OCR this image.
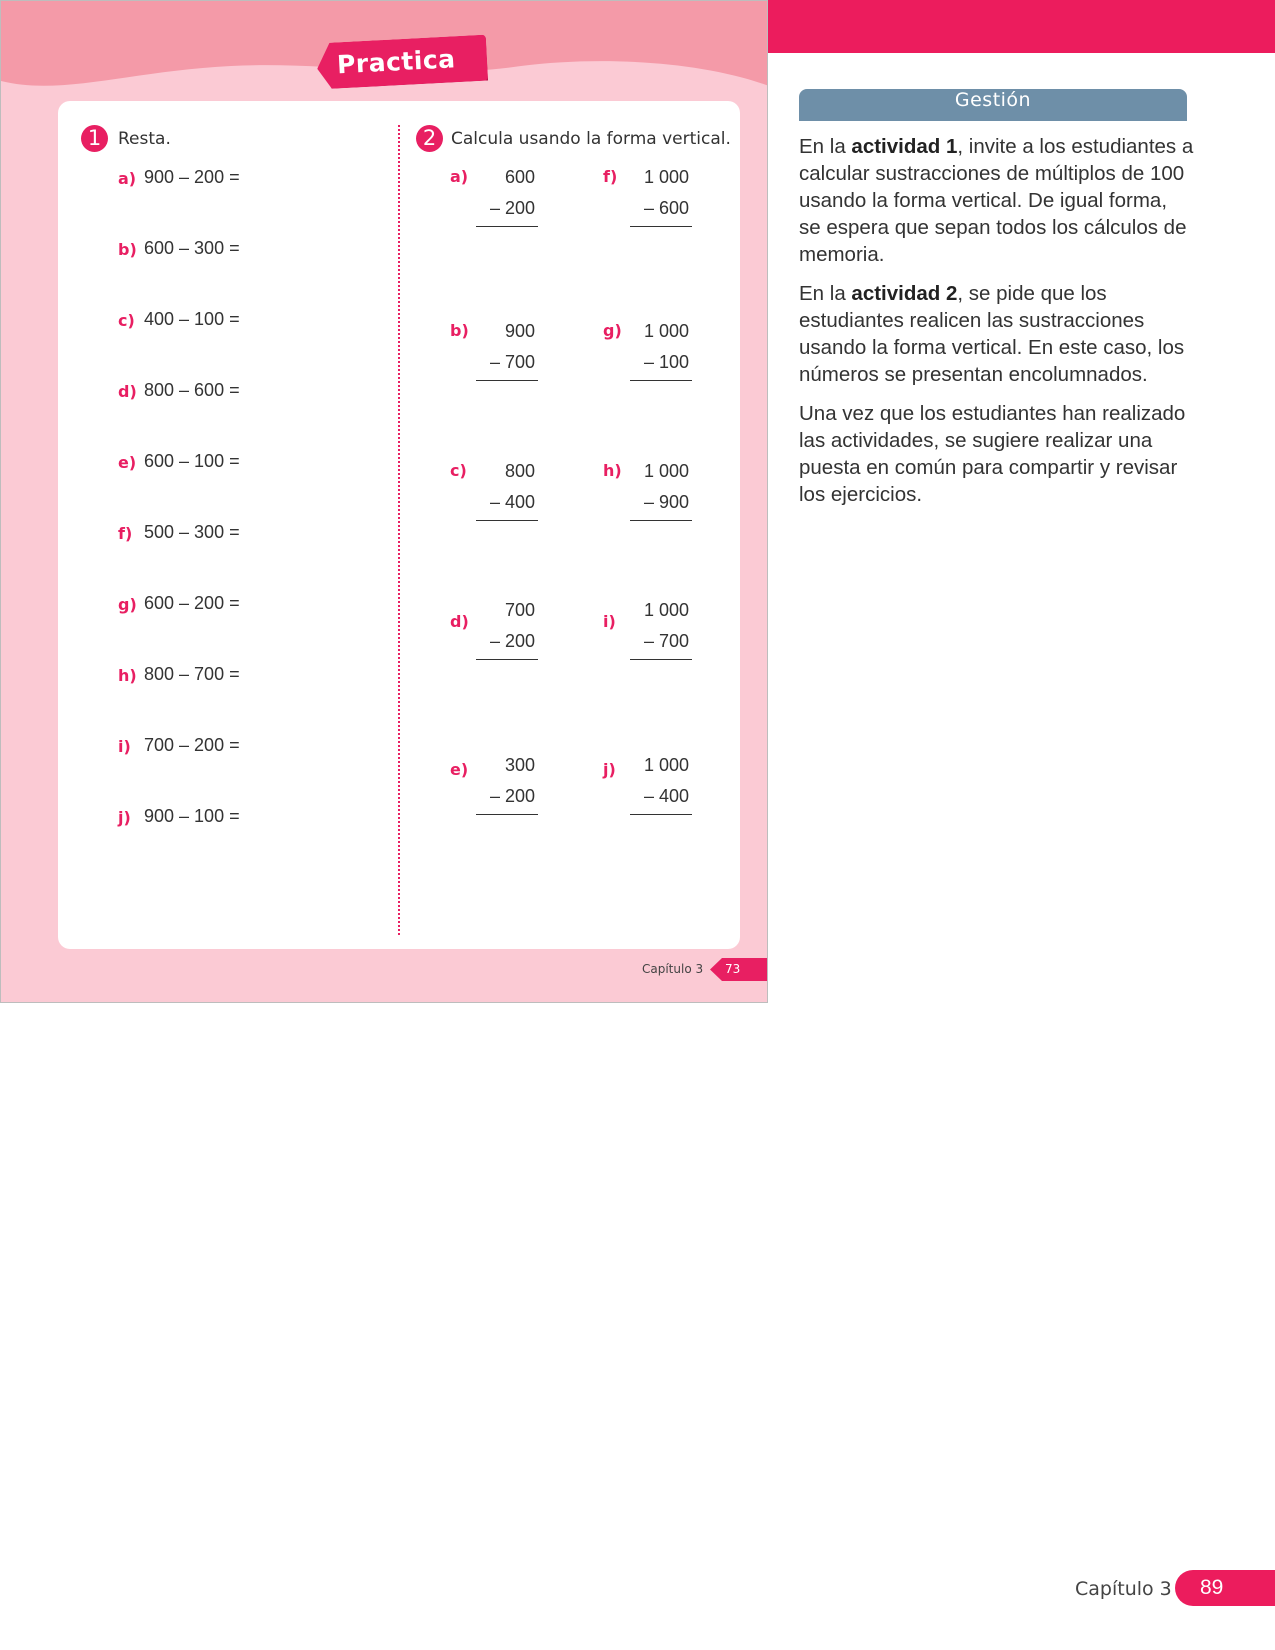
Practica
1 Resta.
a) 900 – 200 =
b) 600 – 300 =
c) 400 – 100 =
d) 800 – 600 =
e) 600 – 100 =
f) 500 – 300 =
g) 600 – 200 =
h) 800 – 700 =
i) 700 – 200 =
j) 900 – 100 =
2 Calcula usando la forma vertical.
a)	600
– 200
b)	900
– 700
c)	800
– 400
d)
700
– 200
e)	300
– 200
f)	1 000
– 600
g)	1 000
– 100
h)	1 000
– 900
i)
1 000
– 700
j)	1 000
– 400
Capítulo 3 73
Gestión

En la actividad 1, invite a los estudiantes a calcular sustracciones de múltiplos de 100 usando la forma vertical. De igual forma, se espera que sepan todos los cálculos de memoria.

En la actividad 2, se pide que los estudiantes realicen las sustracciones usando la forma vertical. En este caso, los números se presentan encolumnados.

Una vez que los estudiantes han realizado las actividades, se sugiere realizar una puesta en común para compartir y revisar los ejercicios.

Capítulo 3 89
